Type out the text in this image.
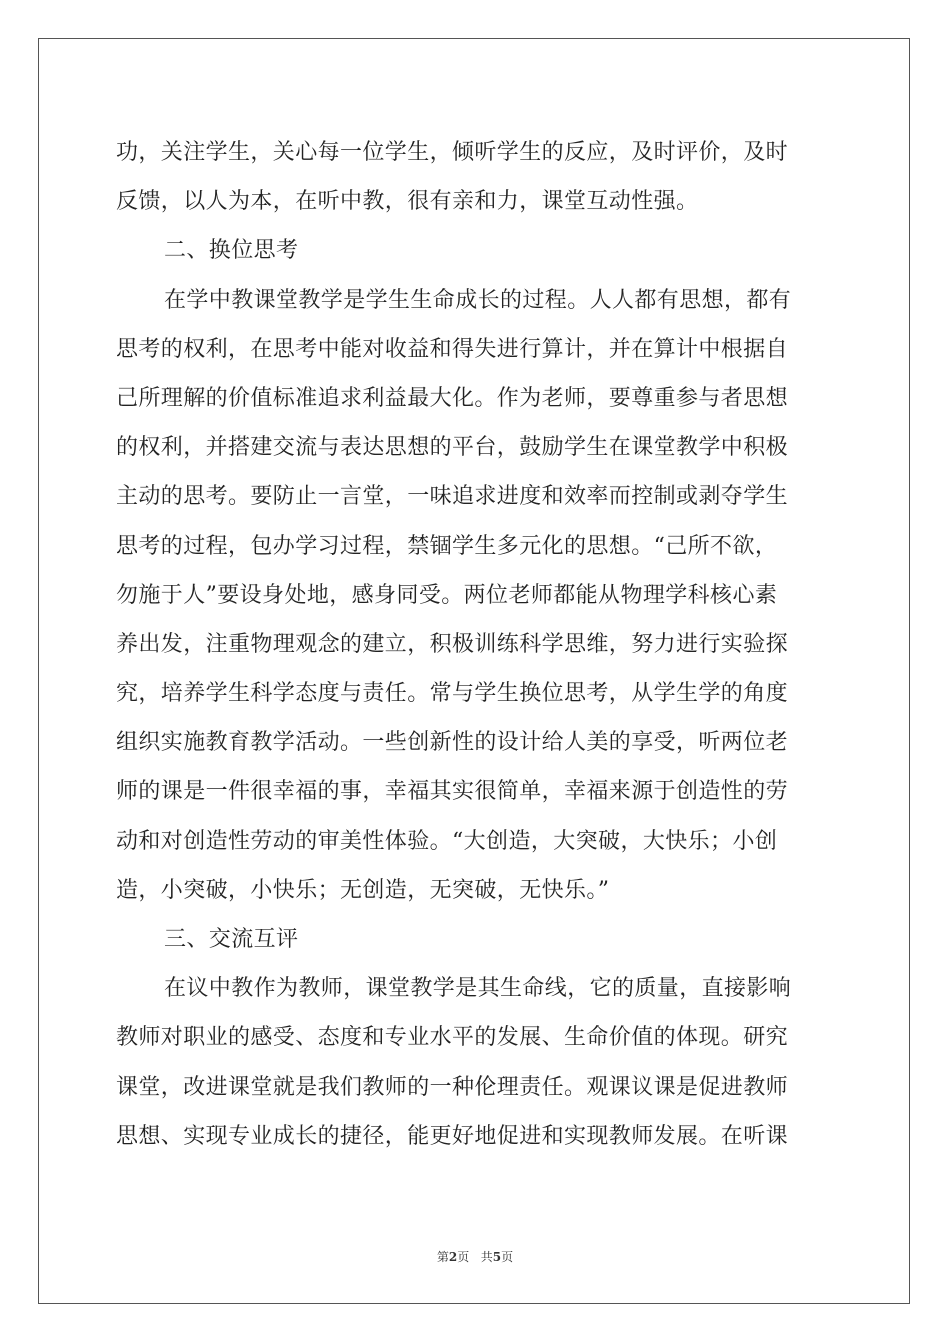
功，关注学生，关心每一位学生，倾听学生的反应，及时评价，及时
反馈，以人为本，在听中教，很有亲和力，课堂互动性强。
二、换位思考
在学中教课堂教学是学生生命成长的过程。人人都有思想，都有
思考的权利，在思考中能对收益和得失进行算计，并在算计中根据自
己所理解的价值标准追求利益最大化。作为老师，要尊重参与者思想
的权利，并搭建交流与表达思想的平台，鼓励学生在课堂教学中积极
主动的思考。要防止一言堂，一味追求进度和效率而控制或剥夺学生
思考的过程，包办学习过程，禁锢学生多元化的思想。“己所不欲，
勿施于人”要设身处地，感身同受。两位老师都能从物理学科核心素
养出发，注重物理观念的建立，积极训练科学思维，努力进行实验探
究，培养学生科学态度与责任。常与学生换位思考，从学生学的角度
组织实施教育教学活动。一些创新性的设计给人美的享受，听两位老
师的课是一件很幸福的事，幸福其实很简单，幸福来源于创造性的劳
动和对创造性劳动的审美性体验。“大创造，大突破，大快乐；小创
造，小突破，小快乐；无创造，无突破，无快乐。”
三、交流互评
在议中教作为教师，课堂教学是其生命线，它的质量，直接影响
教师对职业的感受、态度和专业水平的发展、生命价值的体现。研究
课堂，改进课堂就是我们教师的一种伦理责任。观课议课是促进教师
思想、实现专业成长的捷径，能更好地促进和实现教师发展。在听课
第2页 共5页
